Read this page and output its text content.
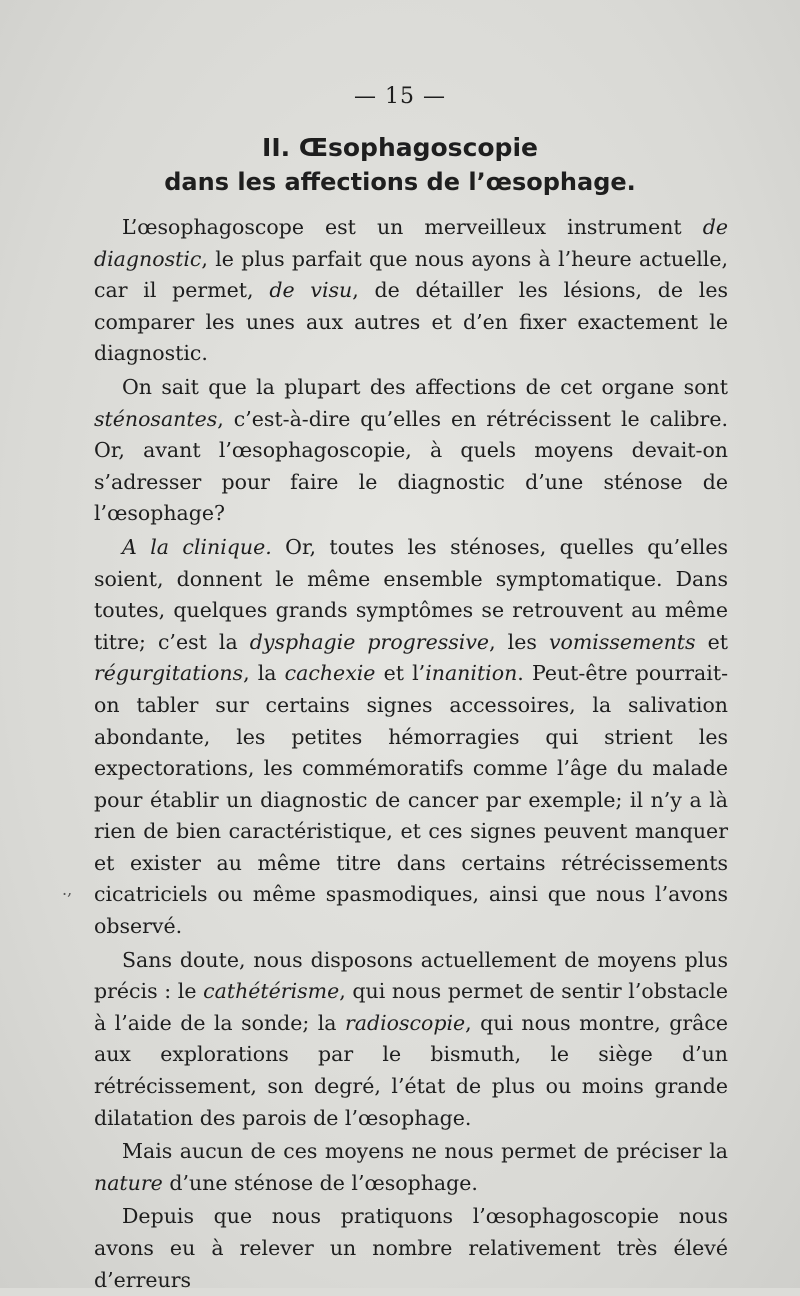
— 15 —
II. Œsophagoscopie
dans les affections de l’œsophage.
.,

L’œsophagoscope est un merveilleux instrument de diagnostic, le plus parfait que nous ayons à l’heure actuelle, car il permet, de visu, de détailler les lésions, de les comparer les unes aux autres et d’en fixer exactement le diagnostic.

On sait que la plupart des affections de cet organe sont sténosantes, c’est-à-dire qu’elles en rétrécissent le calibre. Or, avant l’œsophagoscopie, à quels moyens devait-on s’adresser pour faire le diagnostic d’une sténose de l’œsophage?

A la clinique. Or, toutes les sténoses, quelles qu’elles soient, donnent le même ensemble symptomatique. Dans toutes, quelques grands symptômes se retrouvent au même titre; c’est la dysphagie progressive, les vomissements et régurgitations, la cachexie et l’inanition. Peut-être pourrait-on tabler sur certains signes accessoires, la salivation abondante, les petites hémorragies qui strient les expectorations, les commémoratifs comme l’âge du malade pour établir un diagnostic de cancer par exemple; il n’y a là rien de bien caractéristique, et ces signes peuvent manquer et exister au même titre dans certains rétrécissements cicatriciels ou même spasmodiques, ainsi que nous l’avons observé.

Sans doute, nous disposons actuellement de moyens plus précis : le cathétérisme, qui nous permet de sentir l’obstacle à l’aide de la sonde; la radioscopie, qui nous montre, grâce aux explorations par le bismuth, le siège d’un rétrécissement, son degré, l’état de plus ou moins grande dilatation des parois de l’œsophage.

Mais aucun de ces moyens ne nous permet de préciser la nature d’une sténose de l’œsophage.

Depuis que nous pratiquons l’œsophagoscopie nous avons eu à relever un nombre relativement très élevé d’erreurs
